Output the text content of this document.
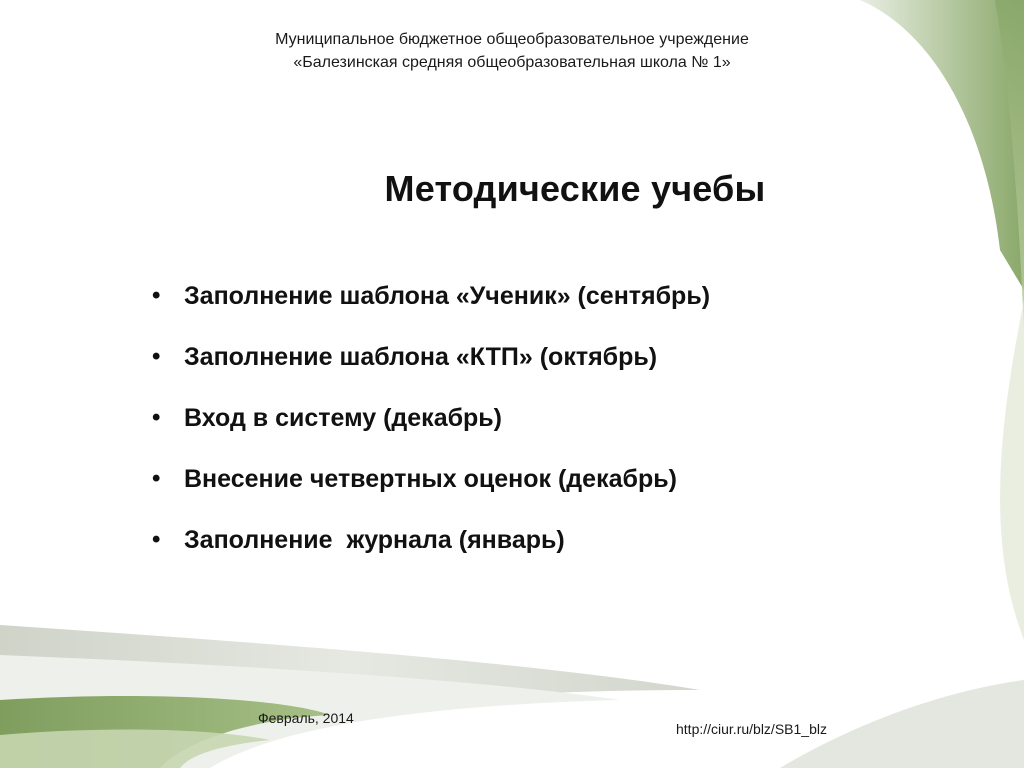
Муниципальное бюджетное общеобразовательное учреждение
«Балезинская средняя общеобразовательная школа № 1»
Методические учебы
• Заполнение шаблона «Ученик» (сентябрь)
• Заполнение шаблона «КТП» (октябрь)
• Вход в систему (декабрь)
• Внесение четвертных оценок (декабрь)
• Заполнение  журнала (январь)
Февраль, 2014
http://ciur.ru/blz/SB1_blz
